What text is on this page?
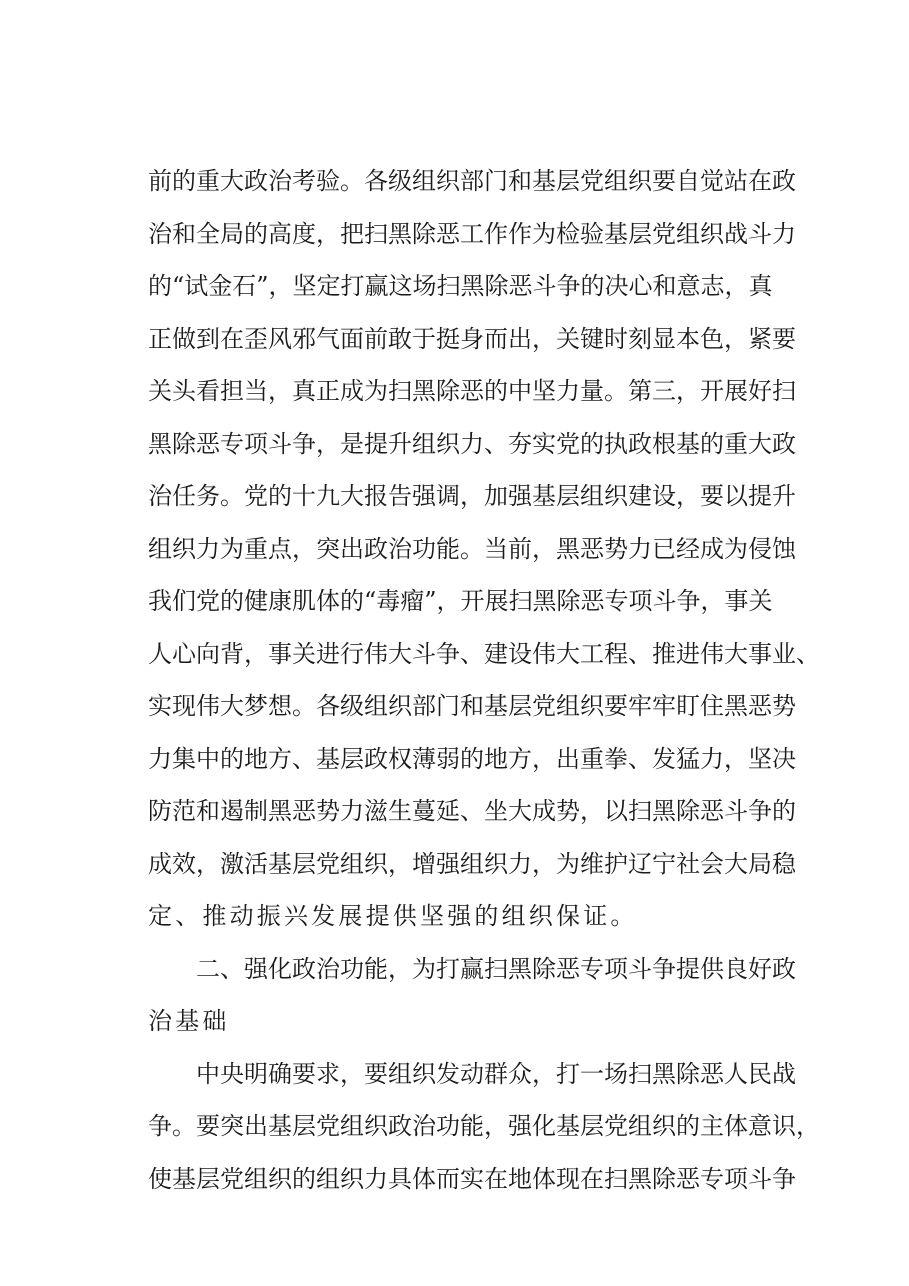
前的重大政治考验。各级组织部门和基层党组织要自觉站在政
治和全局的高度，把扫黑除恶工作作为检验基层党组织战斗力
的“试金石”，坚定打赢这场扫黑除恶斗争的决心和意志，真
正做到在歪风邪气面前敢于挺身而出，关键时刻显本色，紧要
关头看担当，真正成为扫黑除恶的中坚力量。第三，开展好扫
黑除恶专项斗争，是提升组织力、夯实党的执政根基的重大政
治任务。党的十九大报告强调，加强基层组织建设，要以提升
组织力为重点，突出政治功能。当前，黑恶势力已经成为侵蚀
我们党的健康肌体的“毒瘤”，开展扫黑除恶专项斗争，事关
人心向背，事关进行伟大斗争、建设伟大工程、推进伟大事业、
实现伟大梦想。各级组织部门和基层党组织要牢牢盯住黑恶势
力集中的地方、基层政权薄弱的地方，出重拳、发猛力，坚决
防范和遏制黑恶势力滋生蔓延、坐大成势，以扫黑除恶斗争的
成效，激活基层党组织，增强组织力，为维护辽宁社会大局稳
定、推动振兴发展提供坚强的组织保证。
二、强化政治功能，为打赢扫黑除恶专项斗争提供良好政
治基础
中央明确要求，要组织发动群众，打一场扫黑除恶人民战
争。要突出基层党组织政治功能，强化基层党组织的主体意识，
使基层党组织的组织力具体而实在地体现在扫黑除恶专项斗争
